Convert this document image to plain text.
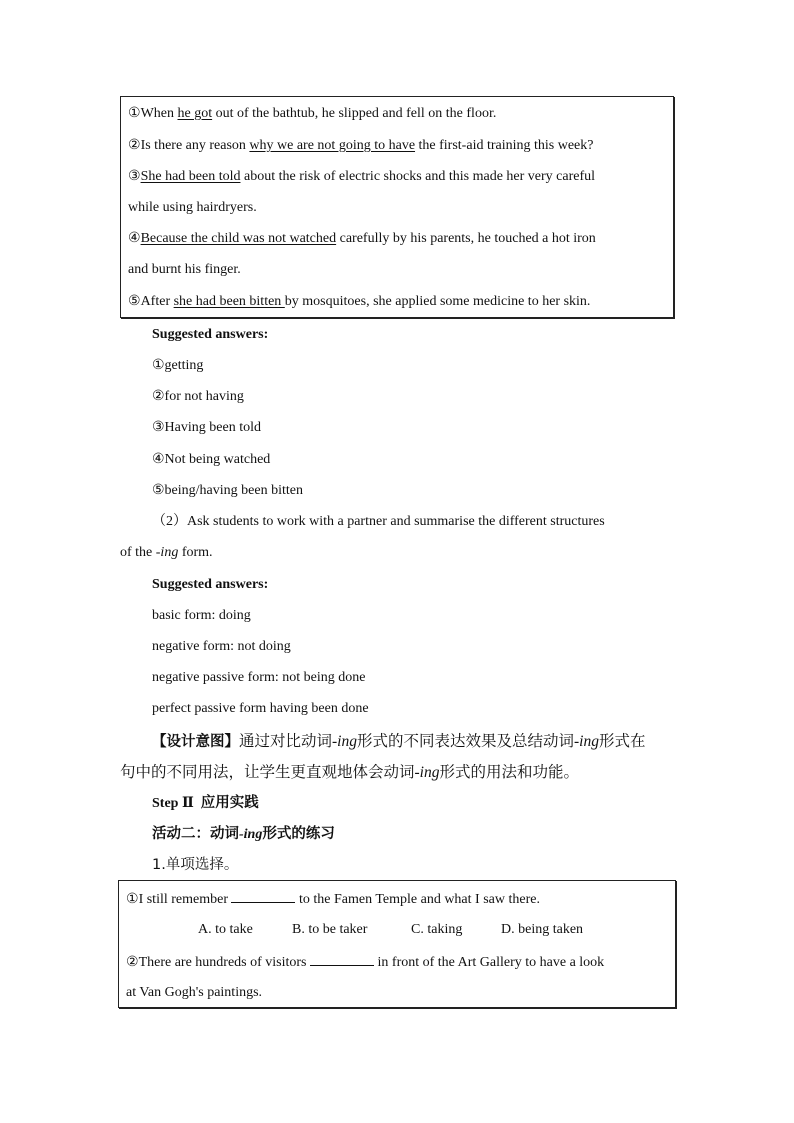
①When he got out of the bathtub, he slipped and fell on the floor.
②Is there any reason why we are not going to have the first-aid training this week?
③She had been told about the risk of electric shocks and this made her very careful
while using hairdryers.
④Because the child was not watched carefully by his parents, he touched a hot iron
and burnt his finger.
⑤After she had been bitten by mosquitoes, she applied some medicine to her skin.
Suggested answers:
①getting
②for not having
③Having been told
④Not being watched
⑤being/having been bitten
（2）Ask students to work with a partner and summarise the different structures
of the -ing form.
Suggested answers:
basic form: doing
negative form: not doing
negative passive form: not being done
perfect passive form having been done
【设计意图】通过对比动词-ing形式的不同表达效果及总结动词-ing形式在
句中的不同用法，让学生更直观地体会动词-ing形式的用法和功能。
Step Ⅱ 应用实践
活动二：动词-ing形式的练习
1.单项选择。
①I still remember	to the Famen Temple and what I saw there.
A. to take	B. to be taker	C. taking	D. being taken
②There are hundreds of visitors	in front of the Art Gallery to have a look
at Van Gogh's paintings.
